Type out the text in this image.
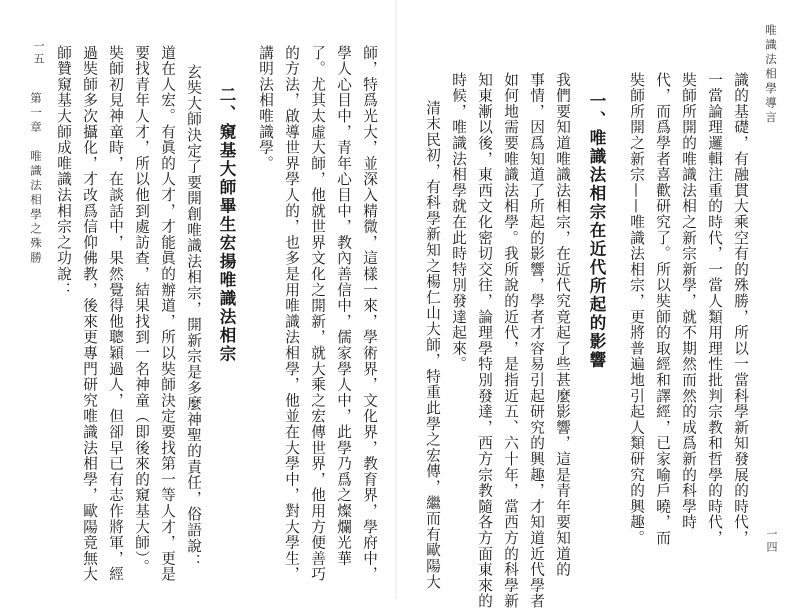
唯識法相學導言
一四
識的基礎，有融貫大乘空有的殊勝，所以一當科學新知發展的時代，
一當論理邏輯注重的時代，一當人類用理性批判宗教和哲學的時代，
奘師所開的唯識法相之新宗新學，就不期然而然的成爲新的科學時
代，而爲學者喜歡研究了。所以奘師的取經和譯經，已家喻戶曉，而
奘師所開之新宗——唯識法相宗，更將普遍地引起人類研究的興趣。
一、唯識法相宗在近代所起的影響
我們要知道唯識法相宗，在近代究竟起了些甚麼影響，這是青年要知道的
事情，因爲知道了所起的影響，學者才容易引起研究的興趣，才知道近代學者
如何地需要唯識法相學。我所說的近代，是指近五、六十年，當西方的科學新
知東漸以後，東西文化密切交往，論理學特別發達，西方宗教隨各方面東來的
時候，唯識法相學就在此時特別發達起來。
清末民初，有科學新知之楊仁山大師，特重此學之宏傳，繼而有歐陽大
師，特爲光大，並深入精微，這樣一來，學術界，文化界，教育界，學府中，
學人心目中，青年心目中，教內善信中，儒家學人中，此學乃爲之燦爛光華
了。尤其太虛大師，他就世界文化之開新，就大乘之宏傳世界，他用方便善巧
的方法，啟導世界學人的，也多是用唯識法相學，他並在大學中，對大學生，
講明法相唯識學。
二、窺基大師畢生宏揚唯識法相宗
玄奘大師決定了要開創唯識法相宗，開新宗是多麼神聖的責任，俗語說：
道在人宏。有眞的人才，才能眞的辦道，所以奘師決定要找第一等人才，更是
要找青年人才，所以他到處訪查，結果找到一名神童（即後來的窺基大師）。
奘師初見神童時，在談話中，果然覺得他聰穎過人，但卻早已有志作將軍，經
過奘師多次攝化，才改爲信仰佛教，後來更專門研究唯識法相學，歐陽竟無大
師贊窺基大師成唯識法相宗之功說：
一五
第一章　唯識法相學之殊勝
